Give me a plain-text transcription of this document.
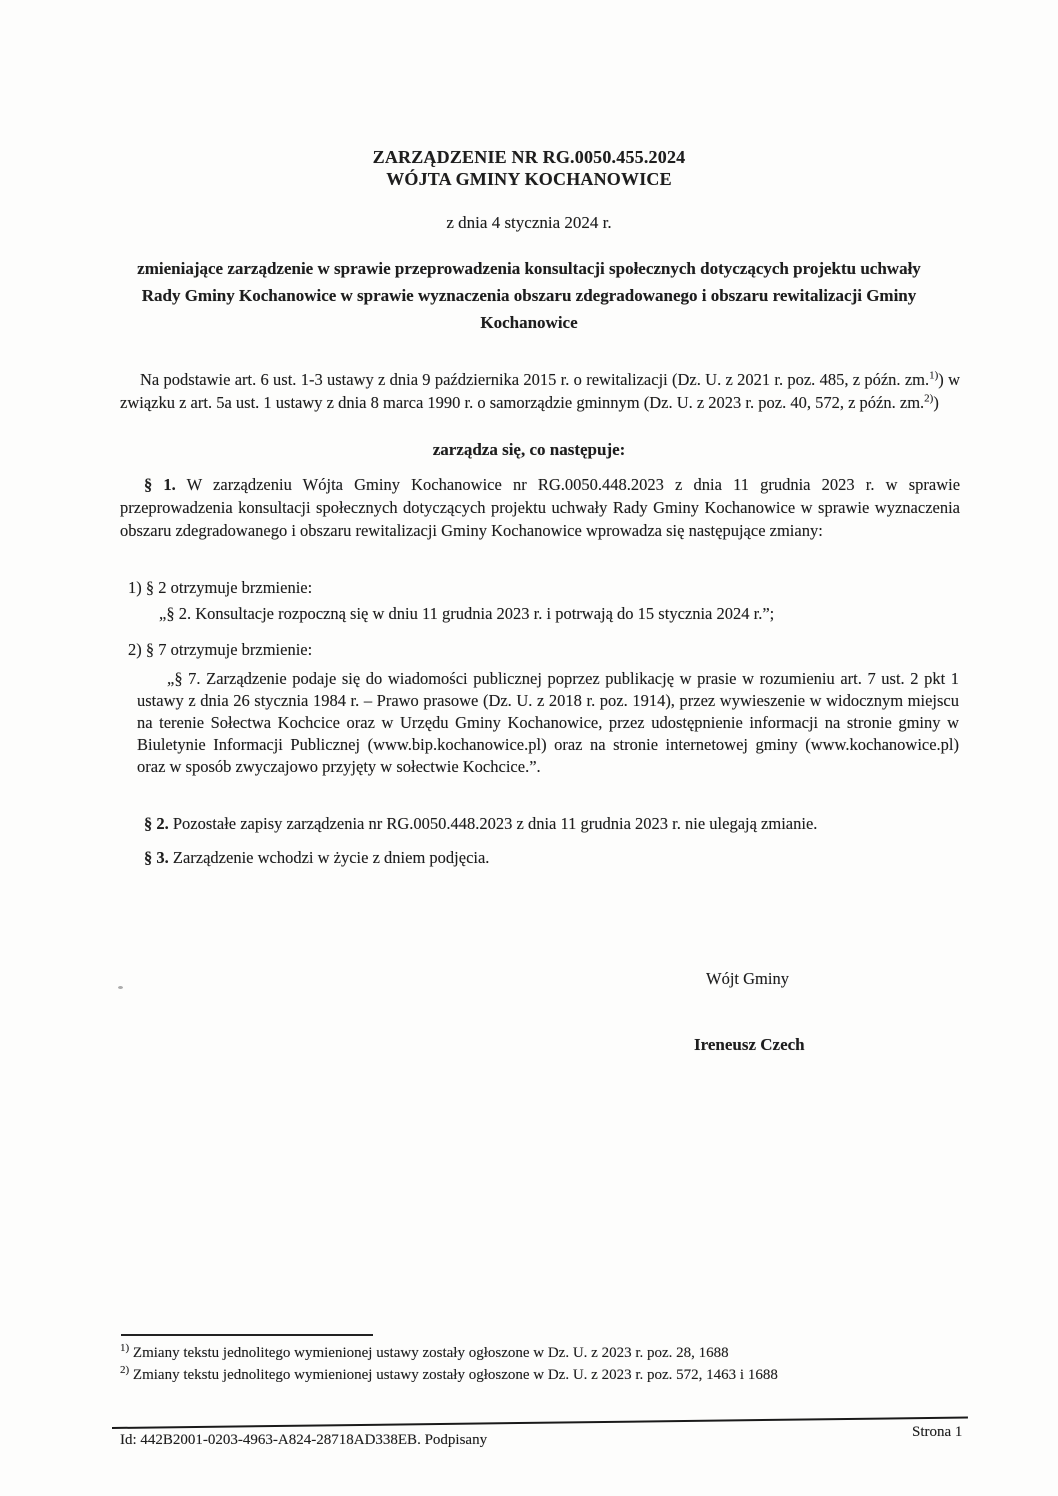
ZARZĄDZENIE NR RG.0050.455.2024
WÓJTA GMINY KOCHANOWICE
z dnia 4 stycznia 2024 r.
zmieniające zarządzenie w sprawie przeprowadzenia konsultacji społecznych dotyczących projektu uchwały Rady Gminy Kochanowice w sprawie wyznaczenia obszaru zdegradowanego i obszaru rewitalizacji Gminy Kochanowice
Na podstawie art. 6 ust. 1-3 ustawy z dnia 9 października 2015 r. o rewitalizacji (Dz. U. z 2021 r. poz. 485, z późn. zm.$^{1)}$) w związku z art. 5a ust. 1 ustawy z dnia 8 marca 1990 r. o samorządzie gminnym (Dz. U. z 2023 r. poz. 40, 572, z późn. zm.$^{2)}$)
zarządza się, co następuje:
§ 1. W zarządzeniu Wójta Gminy Kochanowice nr RG.0050.448.2023 z dnia 11 grudnia 2023 r. w sprawie przeprowadzenia konsultacji społecznych dotyczących projektu uchwały Rady Gminy Kochanowice w sprawie wyznaczenia obszaru zdegradowanego i obszaru rewitalizacji Gminy Kochanowice wprowadza się następujące zmiany:
1) § 2 otrzymuje brzmienie:
„§ 2. Konsultacje rozpoczną się w dniu 11 grudnia 2023 r. i potrwają do 15 stycznia 2024 r.”;
2) § 7 otrzymuje brzmienie:
„§ 7. Zarządzenie podaje się do wiadomości publicznej poprzez publikację w prasie w rozumieniu art. 7 ust. 2 pkt 1 ustawy z dnia 26 stycznia 1984 r. – Prawo prasowe (Dz. U. z 2018 r. poz. 1914), przez wywieszenie w widocznym miejscu na terenie Sołectwa Kochcice oraz w Urzędu Gminy Kochanowice, przez udostępnienie informacji na stronie gminy w Biuletynie Informacji Publicznej (www.bip.kochanowice.pl) oraz na stronie internetowej gminy (www.kochanowice.pl) oraz w sposób zwyczajowo przyjęty w sołectwie Kochcice.”.
§ 2. Pozostałe zapisy zarządzenia nr RG.0050.448.2023 z dnia 11 grudnia 2023 r. nie ulegają zmianie.
§ 3. Zarządzenie wchodzi w życie z dniem podjęcia.
Wójt Gminy
Ireneusz Czech
$^{1)}$ Zmiany tekstu jednolitego wymienionej ustawy zostały ogłoszone w Dz. U. z 2023 r. poz. 28, 1688
$^{2)}$ Zmiany tekstu jednolitego wymienionej ustawy zostały ogłoszone w Dz. U. z 2023 r. poz. 572, 1463 i 1688
Id: 442B2001-0203-4963-A824-28718AD338EB. Podpisany	Strona 1
